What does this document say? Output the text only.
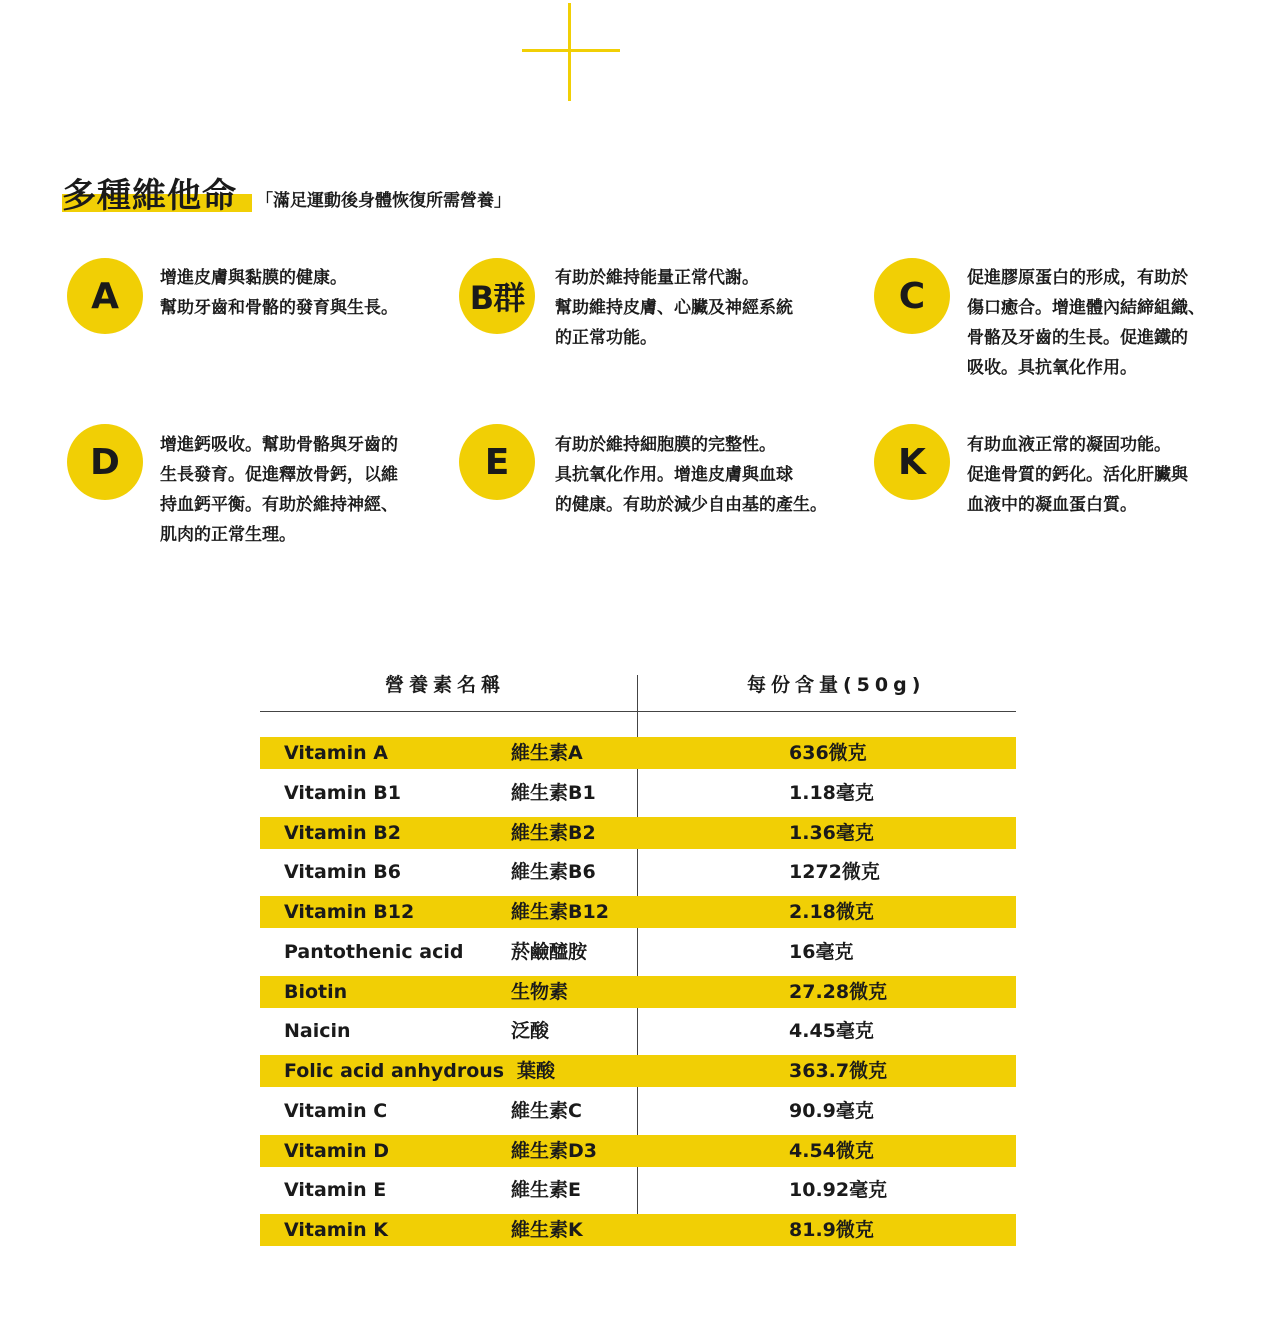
多種維他命 「滿足運動後身體恢復所需營養」
A	增進皮膚與黏膜的健康。
幫助牙齒和骨骼的發育與生長。	B群
有助於維持能量正常代謝。
幫助維持皮膚、心臟及神經系統
的正常功能。
C	促進膠原蛋白的形成，有助於
傷口癒合。增進體內結締組織、
骨骼及牙齒的生長。促進鐵的
吸收。具抗氧化作用。
D	增進鈣吸收。幫助骨骼與牙齒的
生長發育。促進釋放骨鈣，以維
持血鈣平衡。有助於維持神經、
肌肉的正常生理。
E	有助於維持細胞膜的完整性。
具抗氧化作用。增進皮膚與血球
的健康。有助於減少自由基的產生。
K	有助血液正常的凝固功能。
促進骨質的鈣化。活化肝臟與
血液中的凝血蛋白質。
營養素名稱	每份含量(50g)
Vitamin A	維生素A	636微克
Vitamin B1	維生素B1	1.18毫克
Vitamin B2	維生素B2	1.36毫克
Vitamin B6	維生素B6	1272微克
Vitamin B12	維生素B12	2.18微克
Pantothenic acid 菸鹼醯胺	16毫克
Biotin	生物素	27.28微克
Naicin	泛酸	4.45毫克
Folic acid anhydrous 葉酸	363.7微克
Vitamin C	維生素C	90.9毫克
Vitamin D	維生素D3	4.54微克
Vitamin E	維生素E	10.92毫克
Vitamin K	維生素K	81.9微克
